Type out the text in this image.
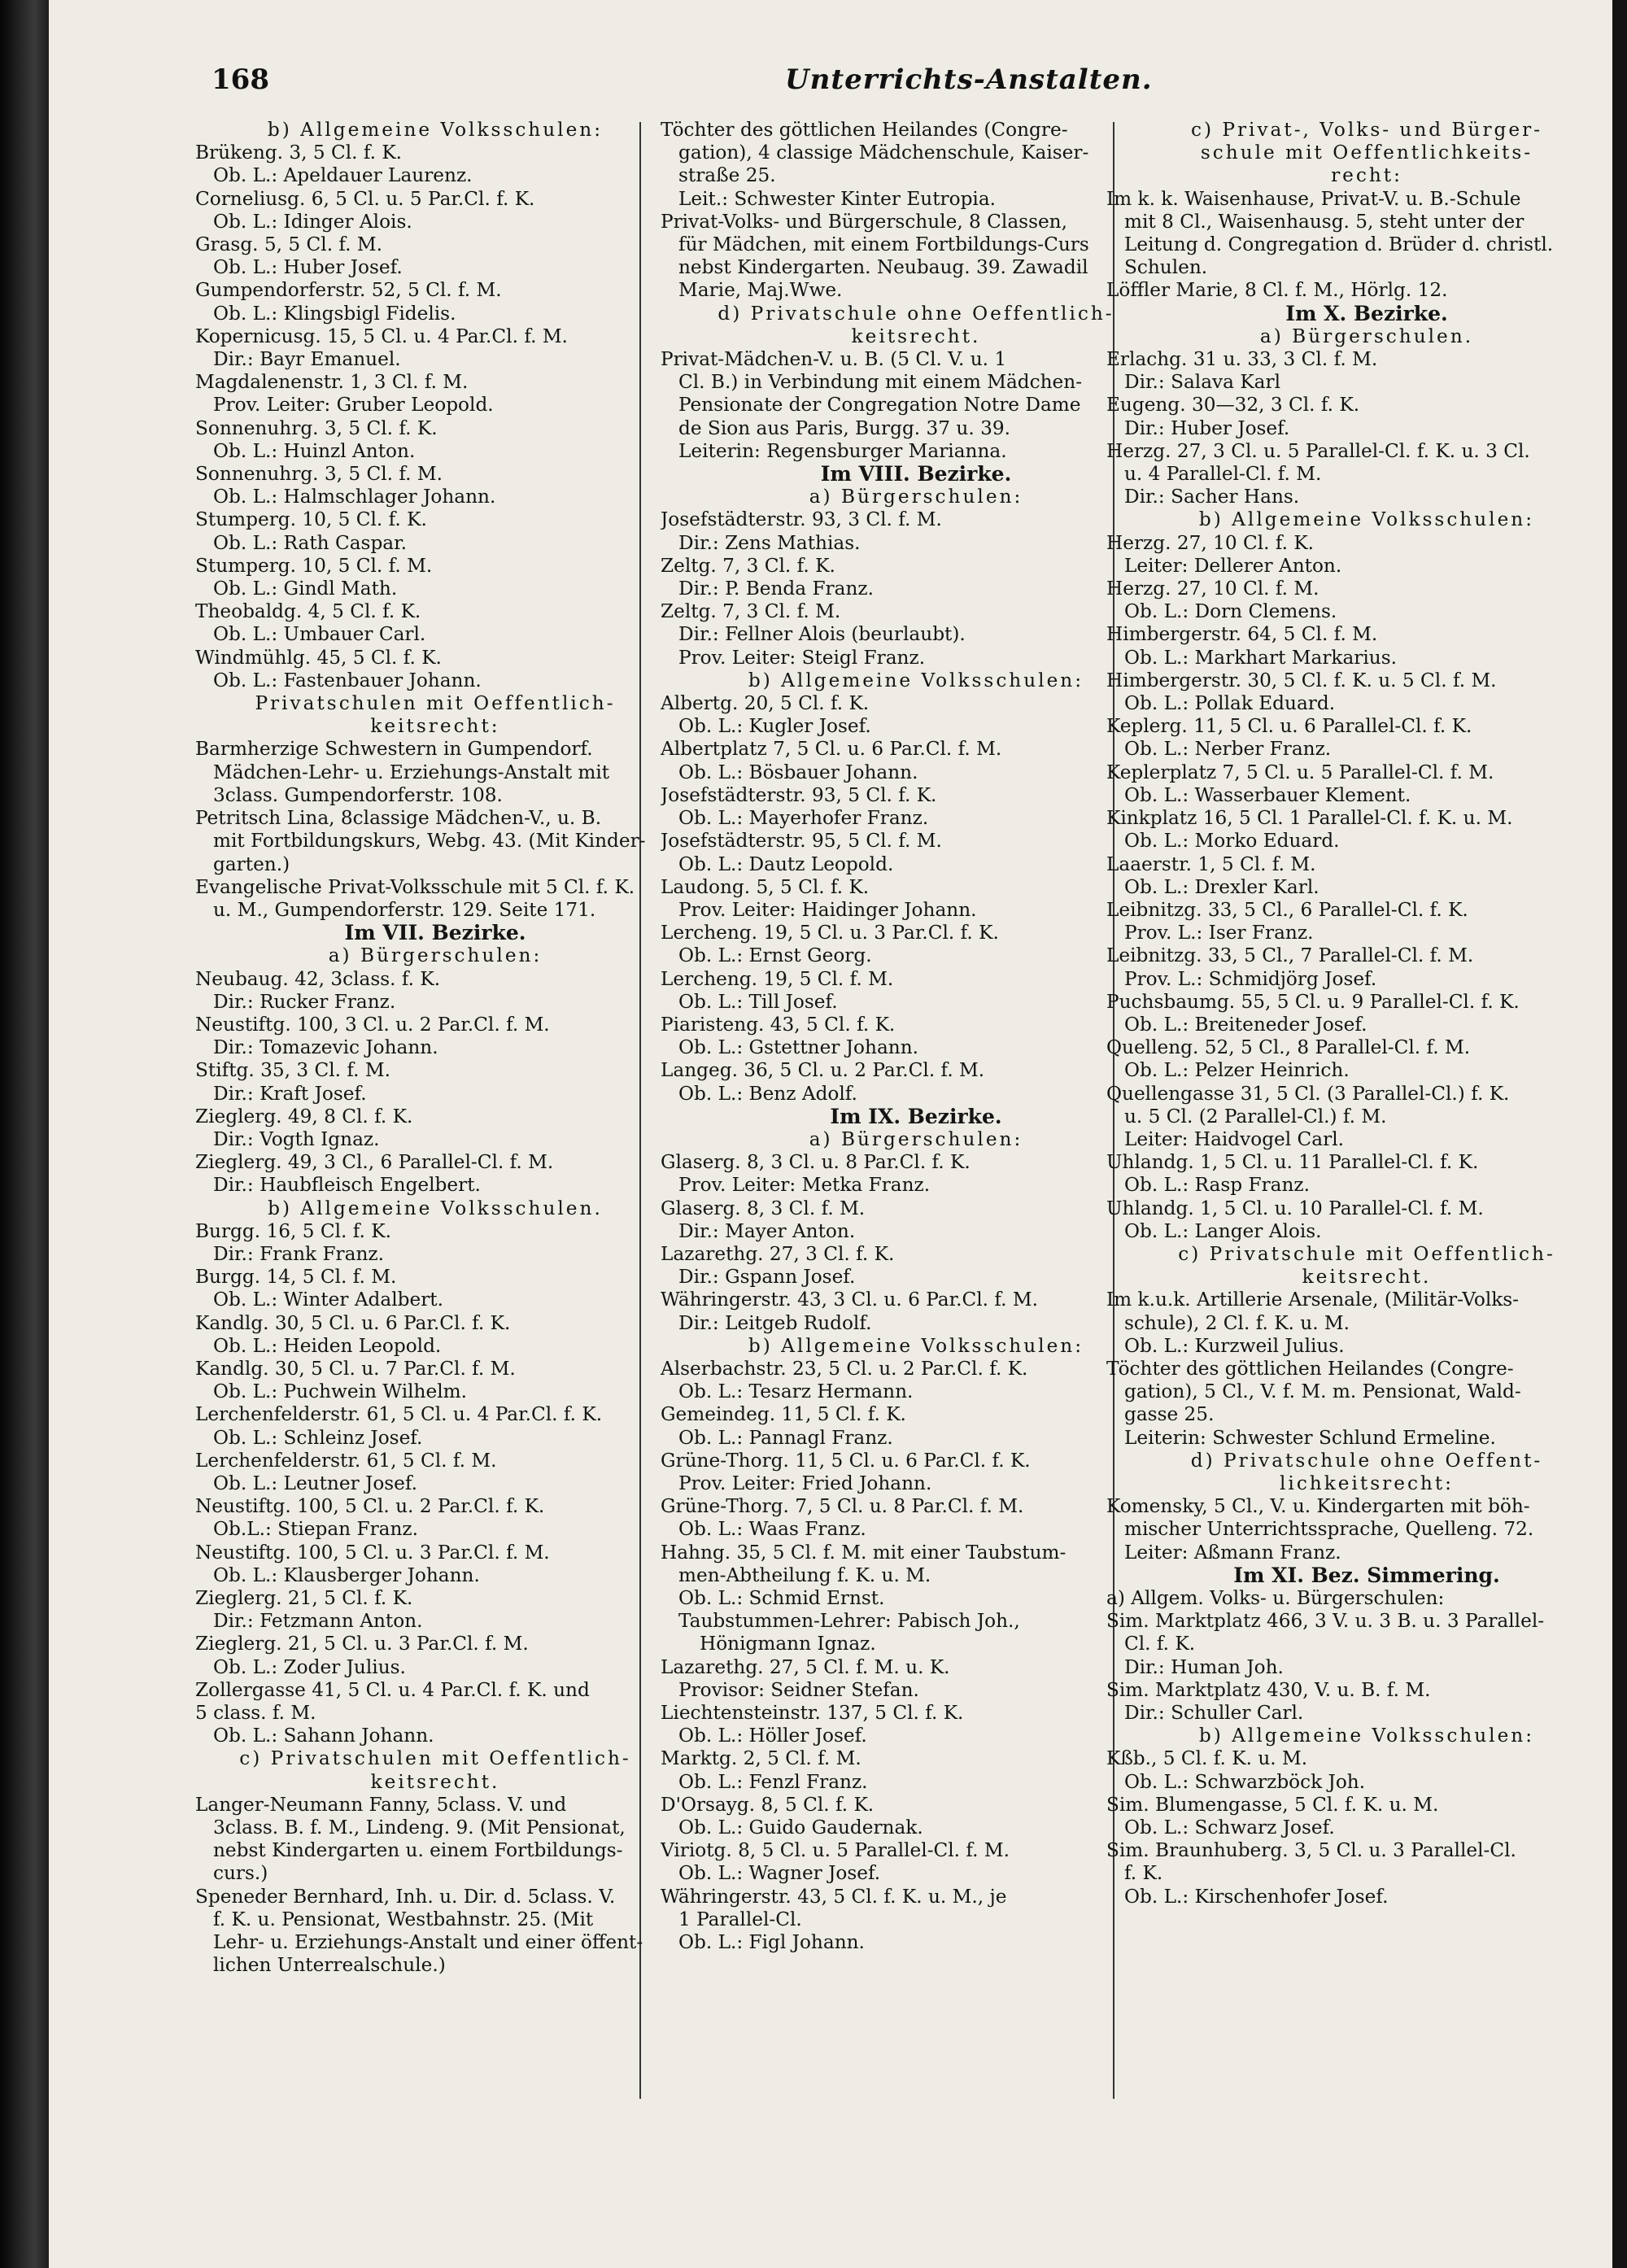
168	Unterrichts-Anstalten.
b) Allgemeine Volksschulen:
Brükeng. 3, 5 Cl. f. K.
Ob. L.: Apeldauer Laurenz.
Corneliusg. 6, 5 Cl. u. 5 Par.Cl. f. K.
Ob. L.: Idinger Alois.
Grasg. 5, 5 Cl. f. M.
Ob. L.: Huber Josef.
Gumpendorferstr. 52, 5 Cl. f. M.
Ob. L.: Klingsbigl Fidelis.
Kopernicusg. 15, 5 Cl. u. 4 Par.Cl. f. M.
Dir.: Bayr Emanuel.
Magdalenenstr. 1, 3 Cl. f. M.
Prov. Leiter: Gruber Leopold.
Sonnenuhrg. 3, 5 Cl. f. K.
Ob. L.: Huinzl Anton.
Sonnenuhrg. 3, 5 Cl. f. M.
Ob. L.: Halmschlager Johann.
Stumperg. 10, 5 Cl. f. K.
Ob. L.: Rath Caspar.
Stumperg. 10, 5 Cl. f. M.
Ob. L.: Gindl Math.
Theobaldg. 4, 5 Cl. f. K.
Ob. L.: Umbauer Carl.
Windmühlg. 45, 5 Cl. f. K.
Ob. L.: Fastenbauer Johann.
Privatschulen mit Oeffentlich-
keitsrecht:
Barmherzige Schwestern in Gumpendorf.
Mädchen-Lehr- u. Erziehungs-Anstalt mit
3class. Gumpendorferstr. 108.
Petritsch Lina, 8classige Mädchen-V., u. B.
mit Fortbildungskurs, Webg. 43. (Mit Kinder-
garten.)
Evangelische Privat-Volksschule mit 5 Cl. f. K.
u. M., Gumpendorferstr. 129. Seite 171.
Im VII. Bezirke.
a) Bürgerschulen:
Neubaug. 42, 3class. f. K.
Dir.: Rucker Franz.
Neustiftg. 100, 3 Cl. u. 2 Par.Cl. f. M.
Dir.: Tomazevic Johann.
Stiftg. 35, 3 Cl. f. M.
Dir.: Kraft Josef.
Zieglerg. 49, 8 Cl. f. K.
Dir.: Vogth Ignaz.
Zieglerg. 49, 3 Cl., 6 Parallel-Cl. f. M.
Dir.: Haubfleisch Engelbert.
b) Allgemeine Volksschulen.
Burgg. 16, 5 Cl. f. K.
Dir.: Frank Franz.
Burgg. 14, 5 Cl. f. M.
Ob. L.: Winter Adalbert.
Kandlg. 30, 5 Cl. u. 6 Par.Cl. f. K.
Ob. L.: Heiden Leopold.
Kandlg. 30, 5 Cl. u. 7 Par.Cl. f. M.
Ob. L.: Puchwein Wilhelm.
Lerchenfelderstr. 61, 5 Cl. u. 4 Par.Cl. f. K.
Ob. L.: Schleinz Josef.
Lerchenfelderstr. 61, 5 Cl. f. M.
Ob. L.: Leutner Josef.
Neustiftg. 100, 5 Cl. u. 2 Par.Cl. f. K.
Ob.L.: Stiepan Franz.
Neustiftg. 100, 5 Cl. u. 3 Par.Cl. f. M.
Ob. L.: Klausberger Johann.
Zieglerg. 21, 5 Cl. f. K.
Dir.: Fetzmann Anton.
Zieglerg. 21, 5 Cl. u. 3 Par.Cl. f. M.
Ob. L.: Zoder Julius.
Zollergasse 41, 5 Cl. u. 4 Par.Cl. f. K. und
5 class. f. M.
Ob. L.: Sahann Johann.
c) Privatschulen mit Oeffentlich-
keitsrecht.
Langer-Neumann Fanny, 5class. V. und
3class. B. f. M., Lindeng. 9. (Mit Pensionat,
nebst Kindergarten u. einem Fortbildungs-
curs.)
Speneder Bernhard, Inh. u. Dir. d. 5class. V.
f. K. u. Pensionat, Westbahnstr. 25. (Mit
Lehr- u. Erziehungs-Anstalt und einer öffent-
lichen Unterrealschule.)
Töchter des göttlichen Heilandes (Congre-
gation), 4 classige Mädchenschule, Kaiser-
straße 25.
Leit.: Schwester Kinter Eutropia.
Privat-Volks- und Bürgerschule, 8 Classen,
für Mädchen, mit einem Fortbildungs-Curs
nebst Kindergarten. Neubaug. 39. Zawadil
Marie, Maj.Wwe.
d) Privatschule ohne Oeffentlich-
keitsrecht.
Privat-Mädchen-V. u. B. (5 Cl. V. u. 1
Cl. B.) in Verbindung mit einem Mädchen-
Pensionate der Congregation Notre Dame
de Sion aus Paris, Burgg. 37 u. 39.
Leiterin: Regensburger Marianna.
Im VIII. Bezirke.
a) Bürgerschulen:
Josefstädterstr. 93, 3 Cl. f. M.
Dir.: Zens Mathias.
Zeltg. 7, 3 Cl. f. K.
Dir.: P. Benda Franz.
Zeltg. 7, 3 Cl. f. M.
Dir.: Fellner Alois (beurlaubt).
Prov. Leiter: Steigl Franz.
b) Allgemeine Volksschulen:
Albertg. 20, 5 Cl. f. K.
Ob. L.: Kugler Josef.
Albertplatz 7, 5 Cl. u. 6 Par.Cl. f. M.
Ob. L.: Bösbauer Johann.
Josefstädterstr. 93, 5 Cl. f. K.
Ob. L.: Mayerhofer Franz.
Josefstädterstr. 95, 5 Cl. f. M.
Ob. L.: Dautz Leopold.
Laudong. 5, 5 Cl. f. K.
Prov. Leiter: Haidinger Johann.
Lercheng. 19, 5 Cl. u. 3 Par.Cl. f. K.
Ob. L.: Ernst Georg.
Lercheng. 19, 5 Cl. f. M.
Ob. L.: Till Josef.
Piaristeng. 43, 5 Cl. f. K.
Ob. L.: Gstettner Johann.
Langeg. 36, 5 Cl. u. 2 Par.Cl. f. M.
Ob. L.: Benz Adolf.
Im IX. Bezirke.
a) Bürgerschulen:
Glaserg. 8, 3 Cl. u. 8 Par.Cl. f. K.
Prov. Leiter: Metka Franz.
Glaserg. 8, 3 Cl. f. M.
Dir.: Mayer Anton.
Lazarethg. 27, 3 Cl. f. K.
Dir.: Gspann Josef.
Währingerstr. 43, 3 Cl. u. 6 Par.Cl. f. M.
Dir.: Leitgeb Rudolf.
b) Allgemeine Volksschulen:
Alserbachstr. 23, 5 Cl. u. 2 Par.Cl. f. K.
Ob. L.: Tesarz Hermann.
Gemeindeg. 11, 5 Cl. f. K.
Ob. L.: Pannagl Franz.
Grüne-Thorg. 11, 5 Cl. u. 6 Par.Cl. f. K.
Prov. Leiter: Fried Johann.
Grüne-Thorg. 7, 5 Cl. u. 8 Par.Cl. f. M.
Ob. L.: Waas Franz.
Hahng. 35, 5 Cl. f. M. mit einer Taubstum-
men-Abtheilung f. K. u. M.
Ob. L.: Schmid Ernst.
Taubstummen-Lehrer: Pabisch Joh.,
Hönigmann Ignaz.
Lazarethg. 27, 5 Cl. f. M. u. K.
Provisor: Seidner Stefan.
Liechtensteinstr. 137, 5 Cl. f. K.
Ob. L.: Höller Josef.
Marktg. 2, 5 Cl. f. M.
Ob. L.: Fenzl Franz.
D'Orsayg. 8, 5 Cl. f. K.
Ob. L.: Guido Gaudernak.
Viriotg. 8, 5 Cl. u. 5 Parallel-Cl. f. M.
Ob. L.: Wagner Josef.
Währingerstr. 43, 5 Cl. f. K. u. M., je
1 Parallel-Cl.
Ob. L.: Figl Johann.
c) Privat-, Volks- und Bürger-
schule mit Oeffentlichkeits-
recht:
Im k. k. Waisenhause, Privat-V. u. B.-Schule
mit 8 Cl., Waisenhausg. 5, steht unter der
Leitung d. Congregation d. Brüder d. christl.
Schulen.
Löffler Marie, 8 Cl. f. M., Hörlg. 12.
Im X. Bezirke.
a) Bürgerschulen.
Erlachg. 31 u. 33, 3 Cl. f. M.
Dir.: Salava Karl
Eugeng. 30—32, 3 Cl. f. K.
Dir.: Huber Josef.
Herzg. 27, 3 Cl. u. 5 Parallel-Cl. f. K. u. 3 Cl.
u. 4 Parallel-Cl. f. M.
Dir.: Sacher Hans.
b) Allgemeine Volksschulen:
Herzg. 27, 10 Cl. f. K.
Leiter: Dellerer Anton.
Herzg. 27, 10 Cl. f. M.
Ob. L.: Dorn Clemens.
Himbergerstr. 64, 5 Cl. f. M.
Ob. L.: Markhart Markarius.
Himbergerstr. 30, 5 Cl. f. K. u. 5 Cl. f. M.
Ob. L.: Pollak Eduard.
Keplerg. 11, 5 Cl. u. 6 Parallel-Cl. f. K.
Ob. L.: Nerber Franz.
Keplerplatz 7, 5 Cl. u. 5 Parallel-Cl. f. M.
Ob. L.: Wasserbauer Klement.
Kinkplatz 16, 5 Cl. 1 Parallel-Cl. f. K. u. M.
Ob. L.: Morko Eduard.
Laaerstr. 1, 5 Cl. f. M.
Ob. L.: Drexler Karl.
Leibnitzg. 33, 5 Cl., 6 Parallel-Cl. f. K.
Prov. L.: Iser Franz.
Leibnitzg. 33, 5 Cl., 7 Parallel-Cl. f. M.
Prov. L.: Schmidjörg Josef.
Puchsbaumg. 55, 5 Cl. u. 9 Parallel-Cl. f. K.
Ob. L.: Breiteneder Josef.
Quelleng. 52, 5 Cl., 8 Parallel-Cl. f. M.
Ob. L.: Pelzer Heinrich.
Quellengasse 31, 5 Cl. (3 Parallel-Cl.) f. K.
u. 5 Cl. (2 Parallel-Cl.) f. M.
Leiter: Haidvogel Carl.
Uhlandg. 1, 5 Cl. u. 11 Parallel-Cl. f. K.
Ob. L.: Rasp Franz.
Uhlandg. 1, 5 Cl. u. 10 Parallel-Cl. f. M.
Ob. L.: Langer Alois.
c) Privatschule mit Oeffentlich-
keitsrecht.
Im k.u.k. Artillerie Arsenale, (Militär-Volks-
schule), 2 Cl. f. K. u. M.
Ob. L.: Kurzweil Julius.
Töchter des göttlichen Heilandes (Congre-
gation), 5 Cl., V. f. M. m. Pensionat, Wald-
gasse 25.
Leiterin: Schwester Schlund Ermeline.
d) Privatschule ohne Oeffent-
lichkeitsrecht:
Komensky, 5 Cl., V. u. Kindergarten mit böh-
mischer Unterrichtssprache, Quelleng. 72.
Leiter: Aßmann Franz.
Im XI. Bez. Simmering.
a) Allgem. Volks- u. Bürgerschulen:
Sim. Marktplatz 466, 3 V. u. 3 B. u. 3 Parallel-
Cl. f. K.
Dir.: Human Joh.
Sim. Marktplatz 430, V. u. B. f. M.
Dir.: Schuller Carl.
b) Allgemeine Volksschulen:
Kßb., 5 Cl. f. K. u. M.
Ob. L.: Schwarzböck Joh.
Sim. Blumengasse, 5 Cl. f. K. u. M.
Ob. L.: Schwarz Josef.
Sim. Braunhuberg. 3, 5 Cl. u. 3 Parallel-Cl.
f. K.
Ob. L.: Kirschenhofer Josef.
